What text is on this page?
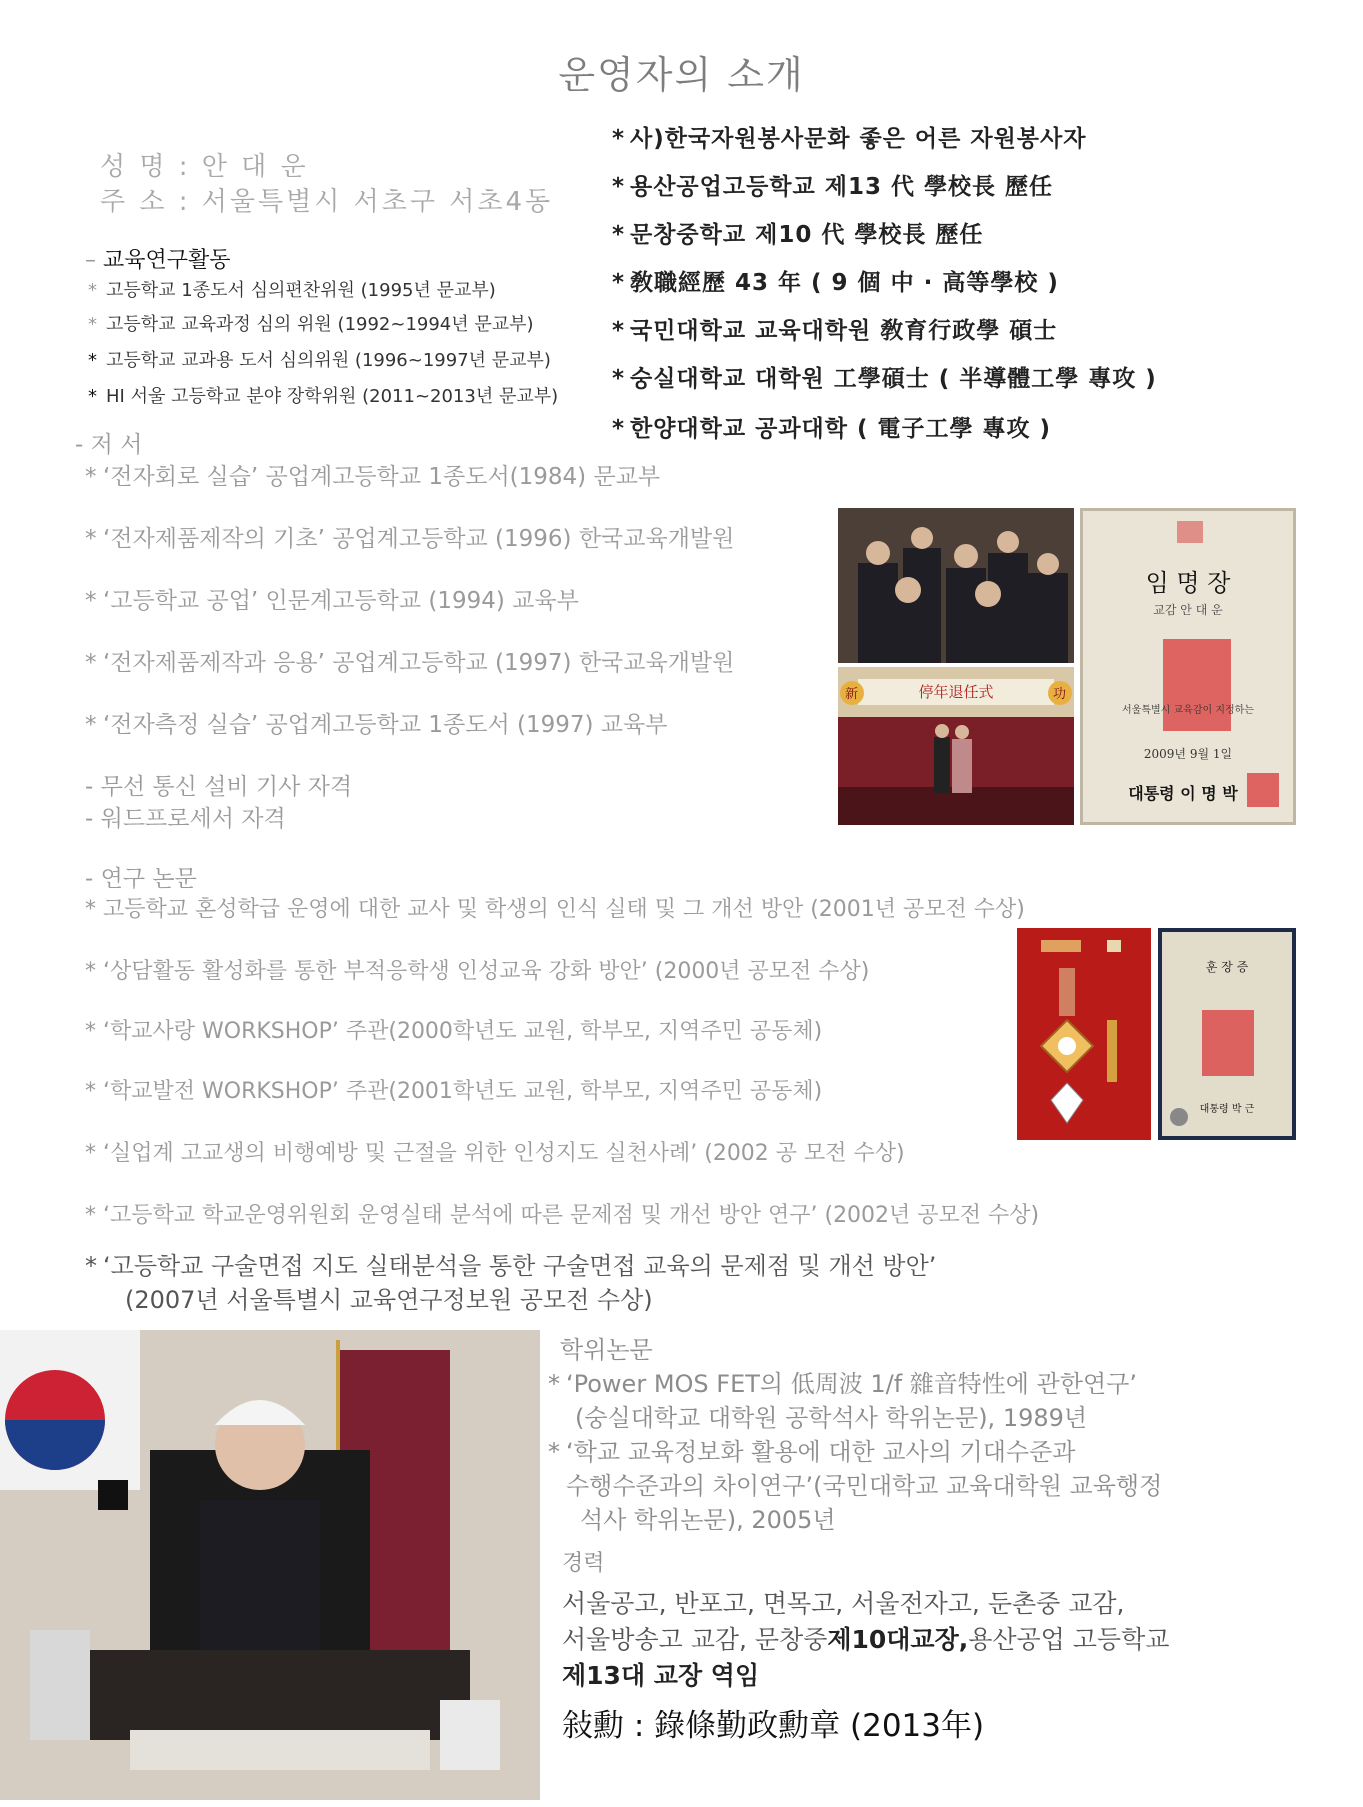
운영자의 소개
성 명 : 안 대 운
주 소 : 서울특별시 서초구 서초4동
* 사)한국자원봉사문화 좋은 어른 자원봉사자
* 용산공업고등학교 제13 代 學校長 歷任
* 문창중학교 제10 代 學校長 歷任
* 敎職經歷 43 年 ( 9 個 中 · 高等學校 )
* 국민대학교 교육대학원 敎育行政學 碩士
* 숭실대학교 대학원 工學碩士 ( 半導體工學 專攻 )
* 한양대학교 공과대학 ( 電子工學 專攻 )
– 교육연구활동
* 고등학교 1종도서 심의편찬위원 (1995년 문교부)
* 고등학교 교육과정 심의 위원 (1992~1994년 문교부)
* 고등학교 교과용 도서 심의위원 (1996~1997년 문교부)
* HI 서울 고등학교 분야 장학위원 (2011~2013년 문교부)
- 저 서
* ‘전자회로 실습’ 공업계고등학교 1종도서(1984) 문교부
* ‘전자제품제작의 기초’ 공업계고등학교 (1996) 한국교육개발원
* ‘고등학교 공업’ 인문계고등학교 (1994) 교육부
* ‘전자제품제작과 응용’ 공업계고등학교 (1997) 한국교육개발원
* ‘전자측정 실습’ 공업계고등학교 1종도서 (1997) 교육부
- 무선 통신 설비 기사 자격
- 워드프로세서 자격
- 연구 논문
* 고등학교 혼성학급 운영에 대한 교사 및 학생의 인식 실태 및 그 개선 방안 (2001년 공모전 수상)
* ‘상담활동 활성화를 통한 부적응학생 인성교육 강화 방안’ (2000년 공모전 수상)
* ‘학교사랑 WORKSHOP’ 주관(2000학년도 교원, 학부모, 지역주민 공동체)
* ‘학교발전 WORKSHOP’ 주관(2001학년도 교원, 학부모, 지역주민 공동체)
* ‘실업계 고교생의 비행예방 및 근절을 위한 인성지도 실천사례’ (2002 공 모전 수상)
* ‘고등학교 학교운영위원회 운영실태 분석에 따른 문제점 및 개선 방안 연구’ (2002년 공모전 수상)
* ‘고등학교 구술면접 지도 실태분석을 통한 구술면접 교육의 문제점 및 개선 방안’
(2007년 서울특별시 교육연구정보원 공모전 수상)
停年退任式
新	功
임 명 장
교감 안 대 운
서울특별시 교육감이 지정하는
2009년 9월 1일
대통령 이 명 박
훈 장 증
대통령 박 근
학위논문
* ‘Power MOS FET의 低周波 1/f 雜音特性에 관한연구’
(숭실대학교 대학원 공학석사 학위논문), 1989년
* ‘학교 교육정보화 활용에 대한 교사의 기대수준과
수행수준과의 차이연구’(국민대학교 교육대학원 교육행정
석사 학위논문), 2005년
경력
서울공고, 반포고, 면목고, 서울전자고, 둔촌중 교감,
서울방송고 교감, 문창중제10대교장,용산공업 고등학교
제13대 교장 역임
敍勳 : 錄條勤政勳章 (2013年)
